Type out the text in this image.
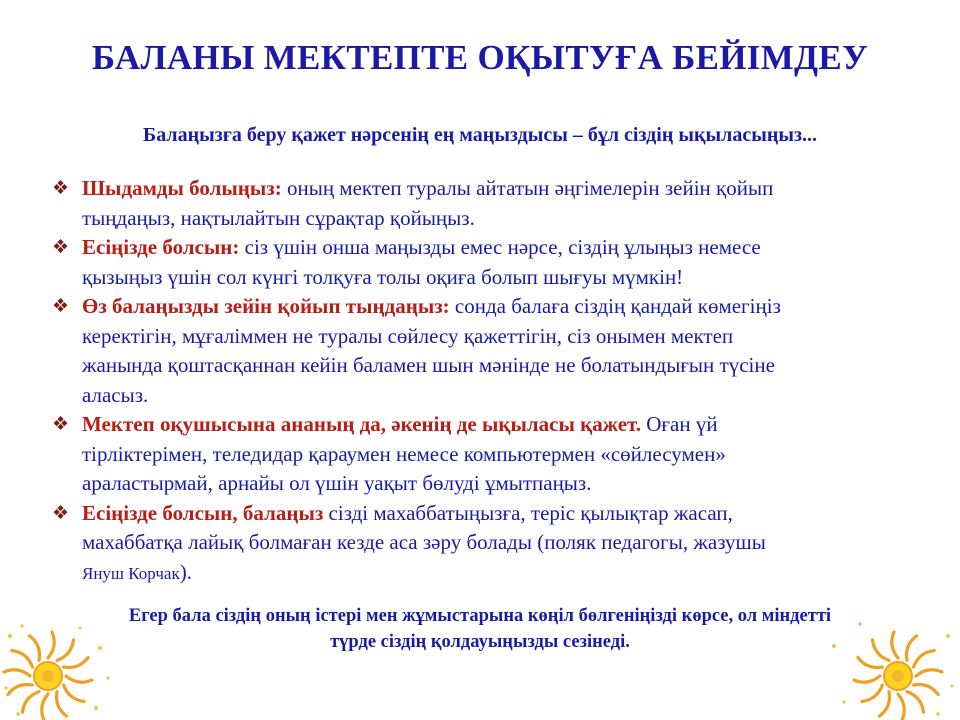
БАЛАНЫ МЕКТЕПТЕ ОҚЫТУҒА БЕЙІМДЕУ
Балаңызға беру қажет нәрсенің ең маңыздысы – бұл сіздің ықыласыңыз...
❖ Шыдамды болыңыз: оның мектеп туралы айтатын әңгімелерін зейін қойып
тыңдаңыз, нақтылайтын сұрақтар қойыңыз.
❖ Есіңізде болсын: сіз үшін онша маңызды емес нәрсе, сіздің ұлыңыз немесе
қызыңыз үшін сол күнгі толқуға толы оқиға болып шығуы мүмкін!
❖ Өз балаңызды зейін қойып тыңдаңыз: сонда балаға сіздің қандай көмегіңіз
керектігін, мұғаліммен не туралы сөйлесу қажеттігін, сіз онымен мектеп
жанында қоштасқаннан кейін баламен шын мәнінде не болатындығын түсіне
аласыз.
❖ Мектеп оқушысына ананың да, әкенің де ықыласы қажет. Оған үй
тірліктерімен, теледидар қараумен немесе компьютермен «сөйлесумен»
араластырмай, арнайы ол үшін уақыт бөлуді ұмытпаңыз.
❖ Есіңізде болсын, балаңыз сізді махаббатыңызға, теріс қылықтар жасап,
махаббатқа лайық болмаған кезде аса зәру болады (поляк педагогы, жазушы
Януш Корчак).
Егер бала сіздің оның істері мен жұмыстарына көңіл бөлгеніңізді көрсе, ол міндетті
түрде сіздің қолдауыңызды сезінеді.
